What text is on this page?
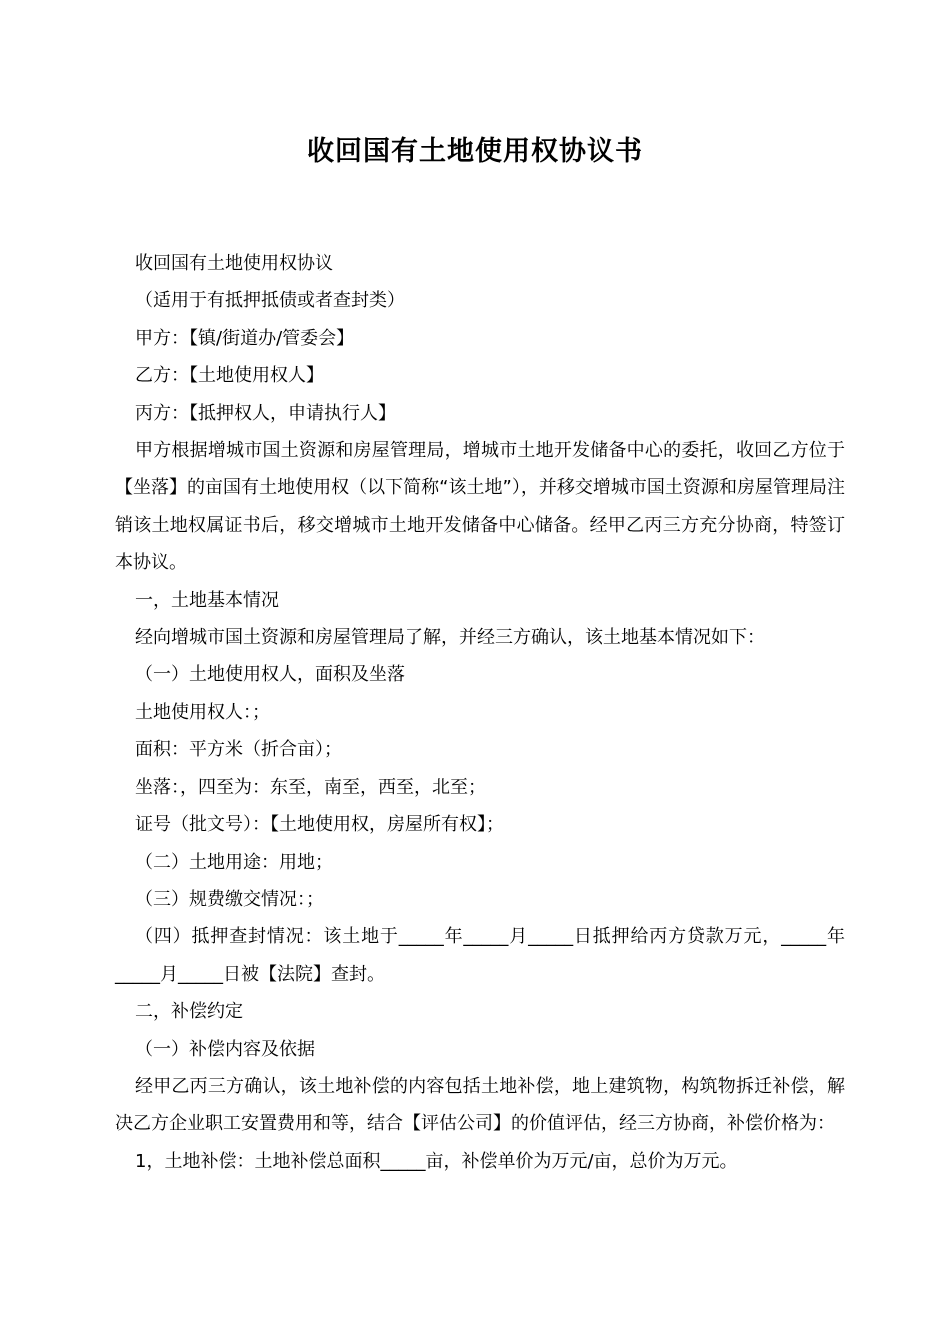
收回国有土地使用权协议书

收回国有土地使用权协议

（适用于有抵押抵债或者查封类）

甲方：【镇/街道办/管委会】

乙方：【土地使用权人】

丙方：【抵押权人，申请执行人】

甲方根据增城市国土资源和房屋管理局，增城市土地开发储备中心的委托，收回乙方位于【坐落】的亩国有土地使用权（以下简称“该土地”），并移交增城市国土资源和房屋管理局注销该土地权属证书后，移交增城市土地开发储备中心储备。经甲乙丙三方充分协商，特签订本协议。

一，土地基本情况

经向增城市国土资源和房屋管理局了解，并经三方确认，该土地基本情况如下：

（一）土地使用权人，面积及坐落

土地使用权人：；

面积：平方米（折合亩）；

坐落：，四至为：东至，南至，西至，北至；

证号（批文号）：【土地使用权，房屋所有权】；

（二）土地用途：用地；

（三）规费缴交情况：；

（四）抵押查封情况：该土地于_____年_____月_____日抵押给丙方贷款万元，_____年_____月_____日被【法院】查封。

二，补偿约定

（一）补偿内容及依据

经甲乙丙三方确认，该土地补偿的内容包括土地补偿，地上建筑物，构筑物拆迁补偿，解决乙方企业职工安置费用和等，结合【评估公司】的价值评估，经三方协商，补偿价格为：

1，土地补偿：土地补偿总面积_____亩，补偿单价为万元/亩，总价为万元。
